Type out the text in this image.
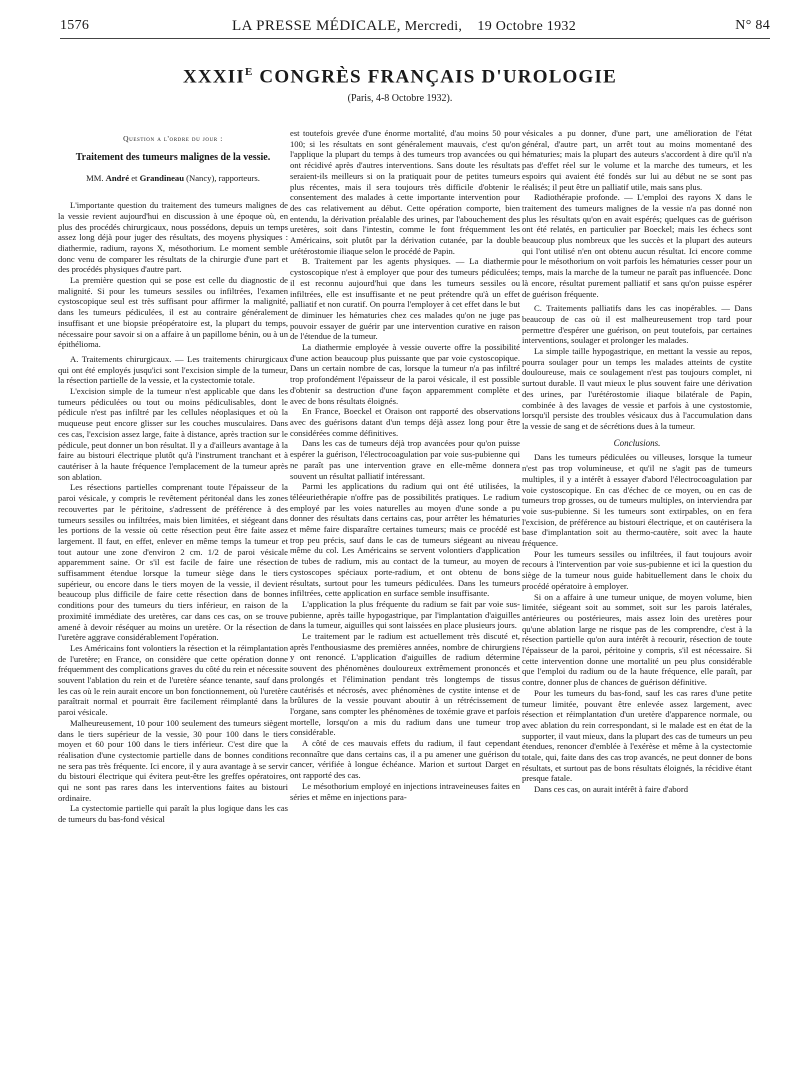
1576	LA PRESSE MÉDICALE, Mercredi, 19 Octobre 1932	N° 84
$XXXII^E$ CONGRÈS FRANÇAIS D'UROLOGIE
(Paris, 4-8 Octobre 1932).

Question a l'ordre du jour :

Traitement des tumeurs malignes de la vessie.

MM. André et Grandineau (Nancy), rapporteurs.

L'importante question du traitement des tumeurs malignes de la vessie revient aujourd'hui en discussion à une époque où, en plus des procédés chirurgicaux, nous possédons, depuis un temps assez long déjà pour juger des résultats, des moyens physiques : diathermie, radium, rayons X, mésothorium. Le moment semble donc venu de comparer les résultats de la chirurgie d'une part et des procédés physiques d'autre part.

La première question qui se pose est celle du diagnostic de malignité. Si pour les tumeurs sessiles ou infiltrées, l'examen cystoscopique seul est très suffisant pour affirmer la malignité, dans les tumeurs pédiculées, il est au contraire généralement insuffisant et une biopsie préopératoire est, la plupart du temps, nécessaire pour savoir si on a affaire à un papillome bénin, ou à un épithélioma.

A. Traitements chirurgicaux. — Les traitements chirurgicaux qui ont été employés jusqu'ici sont l'excision simple de la tumeur, la résection partielle de la vessie, et la cystectomie totale.

L'excision simple de la tumeur n'est applicable que dans les tumeurs pédiculées ou tout ou moins pédiculisables, dont le pédicule n'est pas infiltré par les cellules néoplasiques et où la muqueuse peut encore glisser sur les couches musculaires. Dans ces cas, l'excision assez large, faite à distance, après traction sur le pédicule, peut donner un bon résultat. Il y a d'ailleurs avantage à la faire au bistouri électrique plutôt qu'à l'instrument tranchant et à cautériser à la haute fréquence l'emplacement de la tumeur après son ablation.

Les résections partielles comprenant toute l'épaisseur de la paroi vésicale, y compris le revêtement péritonéal dans les zones recouvertes par le péritoine, s'adressent de préférence à des tumeurs sessiles ou infiltrées, mais bien limitées, et siégeant dans les portions de la vessie où cette résection peut être faite assez largement. Il faut, en effet, enlever en même temps la tumeur et tout autour une zone d'environ 2 cm. 1/2 de paroi vésicale apparemment saine. Or s'il est facile de faire une résection suffisamment étendue lorsque la tumeur siège dans le tiers supérieur, ou encore dans le tiers moyen de la vessie, il devient beaucoup plus difficile de faire cette résection dans de bonnes conditions pour des tumeurs du tiers inférieur, en raison de la proximité immédiate des uretères, car dans ces cas, on se trouve amené à devoir réséquer au moins un uretère. Or la résection de l'uretère aggrave considérablement l'opération.

Les Américains font volontiers la résection et la réimplantation de l'uretère; en France, on considère que cette opération donne fréquemment des complications graves du côté du rein et nécessite souvent l'ablation du rein et de l'uretère séance tenante, sauf dans les cas où le rein aurait encore un bon fonctionnement, où l'uretère paraîtrait normal et pourrait être facilement réimplanté dans la paroi vésicale.

Malheureusement, 10 pour 100 seulement des tumeurs siègent dans le tiers supérieur de la vessie, 30 pour 100 dans le tiers moyen et 60 pour 100 dans le tiers inférieur. C'est dire que la réalisation d'une cystectomie partielle dans de bonnes conditions ne sera pas très fréquente. Ici encore, il y aura avantage à se servir du bistouri électrique qui évitera peut-être les greffes opératoires, qui ne sont pas rares dans les interventions faites au bistouri ordinaire.

La cystectomie partielle qui paraît la plus logique dans les cas de tumeurs du bas-fond vésical

est toutefois grevée d'une énorme mortalité, d'au moins 50 pour 100; si les résultats en sont généralement mauvais, c'est qu'on l'applique la plupart du temps à des tumeurs trop avancées ou qui ont récidivé après d'autres interventions. Sans doute les résultats seraient-ils meilleurs si on la pratiquait pour de petites tumeurs plus récentes, mais il sera toujours très difficile d'obtenir le consentement des malades à cette importante intervention pour des cas relativement au début. Cette opération comporte, bien entendu, la dérivation préalable des urines, par l'abouchement des uretères, soit dans l'intestin, comme le font fréquemment les Américains, soit plutôt par la dérivation cutanée, par la double urétérostomie iliaque selon le procédé de Papin.

B. Traitement par les agents physiques. — La diathermie cystoscopique n'est à employer que pour des tumeurs pédiculées; il est reconnu aujourd'hui que dans les tumeurs sessiles ou infiltrées, elle est insuffisante et ne peut prétendre qu'à un effet palliatif et non curatif. On pourra l'employer à cet effet dans le but de diminuer les hématuries chez ces malades qu'on ne juge pas pouvoir essayer de guérir par une intervention curative en raison de l'étendue de la tumeur.

La diathermie employée à vessie ouverte offre la possibilité d'une action beaucoup plus puissante que par voie cystoscopique. Dans un certain nombre de cas, lorsque la tumeur n'a pas infiltré trop profondément l'épaisseur de la paroi vésicale, il est possible d'obtenir sa destruction d'une façon apparemment complète et avec de bons résultats éloignés.

En France, Boeckel et Oraison ont rapporté des observations avec des guérisons datant d'un temps déjà assez long pour être considérées comme définitives.

Dans les cas de tumeurs déjà trop avancées pour qu'on puisse espérer la guérison, l'électrocoagulation par voie sus-pubienne qui ne paraît pas une intervention grave en elle-même donnera souvent un résultat palliatif intéressant.

Parmi les applications du radium qui ont été utilisées, la téléeuriethérapie n'offre pas de possibilités pratiques. Le radium employé par les voies naturelles au moyen d'une sonde a pu donner des résultats dans certains cas, pour arrêter les hématuries et même faire disparaître certaines tumeurs; mais ce procédé est trop peu précis, sauf dans le cas de tumeurs siégeant au niveau même du col. Les Américains se servent volontiers d'application de tubes de radium, mis au contact de la tumeur, au moyen de cystoscopes spéciaux porte-radium, et ont obtenu de bons résultats, surtout pour les tumeurs pédiculées. Dans les tumeurs infiltrées, cette application en surface semble insuffisante.

L'application la plus fréquente du radium se fait par voie sus-pubienne, après taille hypogastrique, par l'implantation d'aiguilles dans la tumeur, aiguilles qui sont laissées en place plusieurs jours.

Le traitement par le radium est actuellement très discuté et, après l'enthousiasme des premières années, nombre de chirurgiens y ont renoncé. L'application d'aiguilles de radium détermine souvent des phénomènes douloureux extrêmement prononcés et prolongés et l'élimination pendant très longtemps de tissus cautérisés et nécrosés, avec phénomènes de cystite intense et de brûlures de la vessie pouvant aboutir à un rétrécissement de l'organe, sans compter les phénomènes de toxémie grave et parfois mortelle, lorsqu'on a mis du radium dans une tumeur trop considérable.

A côté de ces mauvais effets du radium, il faut cependant reconnaître que dans certains cas, il a pu amener une guérison du cancer, vérifiée à longue échéance. Marion et surtout Darget en ont rapporté des cas.

Le mésothorium employé en injections intraveineuses faites en séries et même en injections para-

vésicales a pu donner, d'une part, une amélioration de l'état général, d'autre part, un arrêt tout au moins momentané des hématuries; mais la plupart des auteurs s'accordent à dire qu'il n'a pas d'effet réel sur le volume et la marche des tumeurs, et les espoirs qui avaient été fondés sur lui au début ne se sont pas réalisés; il peut être un palliatif utile, mais sans plus.

Radiothérapie profonde. — L'emploi des rayons X dans le traitement des tumeurs malignes de la vessie n'a pas donné non plus les résultats qu'on en avait espérés; quelques cas de guérison ont été relatés, en particulier par Boeckel; mais les échecs sont beaucoup plus nombreux que les succès et la plupart des auteurs qui l'ont utilisé n'en ont obtenu aucun résultat. Ici encore comme pour le mésothorium on voit parfois les hématuries cesser pour un temps, mais la marche de la tumeur ne paraît pas influencée. Donc là encore, résultat purement palliatif et sans qu'on puisse espérer de guérison fréquente.

C. Traitements palliatifs dans les cas inopérables. — Dans beaucoup de cas où il est malheureusement trop tard pour permettre d'espérer une guérison, on peut toutefois, par certaines interventions, soulager et prolonger les malades.

La simple taille hypogastrique, en mettant la vessie au repos, pourra soulager pour un temps les malades atteints de cystite douloureuse, mais ce soulagement n'est pas toujours complet, ni surtout durable. Il vaut mieux le plus souvent faire une dérivation des urines, par l'urétérostomie iliaque bilatérale de Papin, combinée à des lavages de vessie et parfois à une cystostomie, lorsqu'il persiste des troubles vésicaux dus à l'accumulation dans la vessie de sang et de sécrétions dues à la tumeur.

Conclusions.

Dans les tumeurs pédiculées ou villeuses, lorsque la tumeur n'est pas trop volumineuse, et qu'il ne s'agit pas de tumeurs multiples, il y a intérêt à essayer d'abord l'électrocoagulation par voie cystoscopique. En cas d'échec de ce moyen, ou en cas de tumeurs trop grosses, ou de tumeurs multiples, on interviendra par voie sus-pubienne. Si les tumeurs sont extirpables, on en fera l'excision, de préférence au bistouri électrique, et on cautérisera la base d'implantation soit au thermo-cautère, soit avec la haute fréquence.

Pour les tumeurs sessiles ou infiltrées, il faut toujours avoir recours à l'intervention par voie sus-pubienne et ici la question du siège de la tumeur nous guide habituellement dans le choix du procédé opératoire à employer.

Si on a affaire à une tumeur unique, de moyen volume, bien limitée, siégeant soit au sommet, soit sur les parois latérales, antérieures ou postérieures, mais assez loin des uretères pour qu'une ablation large ne risque pas de les comprendre, c'est à la résection partielle qu'on aura intérêt à recourir, résection de toute l'épaisseur de la paroi, péritoine y compris, s'il est nécessaire. Si cette intervention donne une mortalité un peu plus considérable que l'emploi du radium ou de la haute fréquence, elle paraît, par contre, donner plus de chances de guérison définitive.

Pour les tumeurs du bas-fond, sauf les cas rares d'une petite tumeur limitée, pouvant être enlevée assez largement, avec résection et réimplantation d'un uretère d'apparence normale, ou avec ablation du rein correspondant, si le malade est en état de la supporter, il vaut mieux, dans la plupart des cas de tumeurs un peu étendues, renoncer d'emblée à l'exérèse et même à la cystectomie totale, qui, faite dans des cas trop avancés, ne peut donner de bons résultats, et surtout pas de bons résultats éloignés, la récidive étant presque fatale.

Dans ces cas, on aurait intérêt à faire d'abord
